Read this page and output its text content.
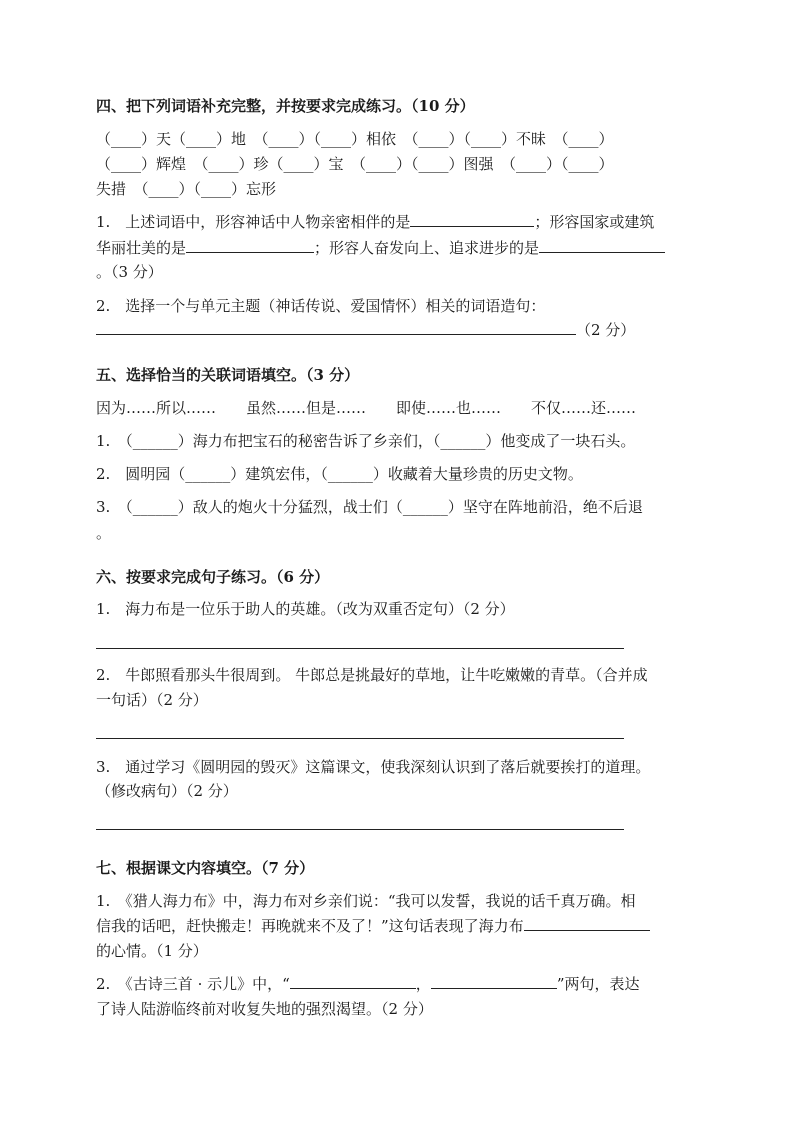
四、把下列词语补充完整，并按要求完成练习。（10 分）
（____）天（____）地　（____）（____）相依　（____）（____）不昧　（____）
（____）辉煌　（____）珍（____）宝　（____）（____）图强　（____）（____）
失措　（____）（____）忘形
1.　上述词语中，形容神话中人物亲密相伴的是	；形容国家或建筑
华丽壮美的是	；形容人奋发向上、追求进步的是
。（3 分）
2.　选择一个与单元主题（神话传说、爱国情怀）相关的词语造句：
（2 分）
五、选择恰当的关联词语填空。（3 分）
因为……所以……　　虽然……但是……　　即使……也……　　不仅……还……
1.　（______）海力布把宝石的秘密告诉了乡亲们，（______）他变成了一块石头。
2.　圆明园（______）建筑宏伟，（______）收藏着大量珍贵的历史文物。
3.　（______）敌人的炮火十分猛烈，战士们（______）坚守在阵地前沿，绝不后退
。
六、按要求完成句子练习。（6 分）
1.　海力布是一位乐于助人的英雄。（改为双重否定句）（2 分）
2.　牛郎照看那头牛很周到。 牛郎总是挑最好的草地，让牛吃嫩嫩的青草。（合并成
一句话）（2 分）
3.　通过学习《圆明园的毁灭》这篇课文，使我深刻认识到了落后就要挨打的道理。
（修改病句）（2 分）
七、根据课文内容填空。（7 分）
1.　《猎人海力布》中，海力布对乡亲们说：“我可以发誓，我说的话千真万确。相
信我的话吧，赶快搬走！再晚就来不及了！”这句话表现了海力布
的心情。（1 分）
2.　《古诗三首 · 示儿》中，“	，	”两句，表达
了诗人陆游临终前对收复失地的强烈渴望。（2 分）
